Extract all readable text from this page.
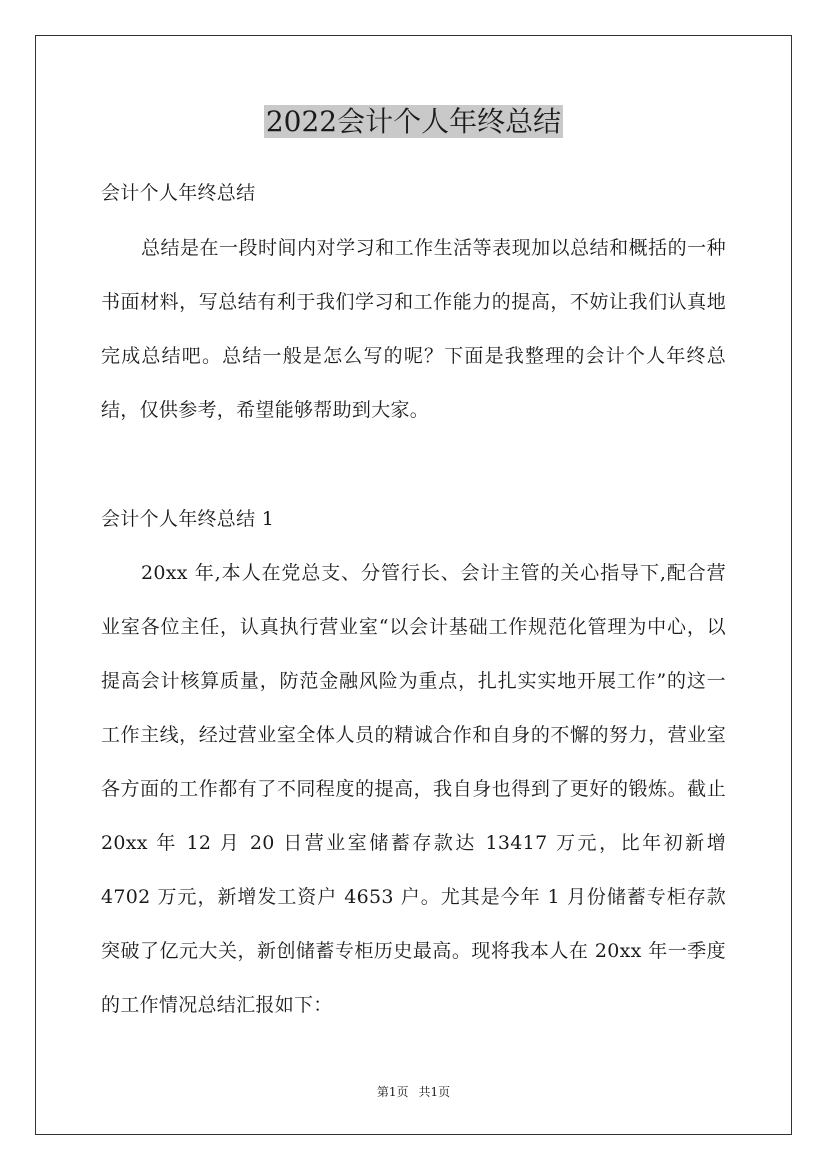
2022会计个人年终总结
会计个人年终总结
总结是在一段时间内对学习和工作生活等表现加以总结和概括的一种书面材料，写总结有利于我们学习和工作能力的提高，不妨让我们认真地完成总结吧。总结一般是怎么写的呢？下面是我整理的会计个人年终总结，仅供参考，希望能够帮助到大家。
会计个人年终总结 1
20xx 年,本人在党总支、分管行长、会计主管的关心指导下,配合营业室各位主任，认真执行营业室“以会计基础工作规范化管理为中心，以提高会计核算质量，防范金融风险为重点，扎扎实实地开展工作”的这一工作主线，经过营业室全体人员的精诚合作和自身的不懈的努力，营业室各方面的工作都有了不同程度的提高，我自身也得到了更好的锻炼。截止 20xx 年 12 月 20 日营业室储蓄存款达 13417 万元，比年初新增 4702 万元，新增发工资户 4653 户。尤其是今年 1 月份储蓄专柜存款突破了亿元大关，新创储蓄专柜历史最高。现将我本人在 20xx 年一季度的工作情况总结汇报如下：
第1页 共1页
